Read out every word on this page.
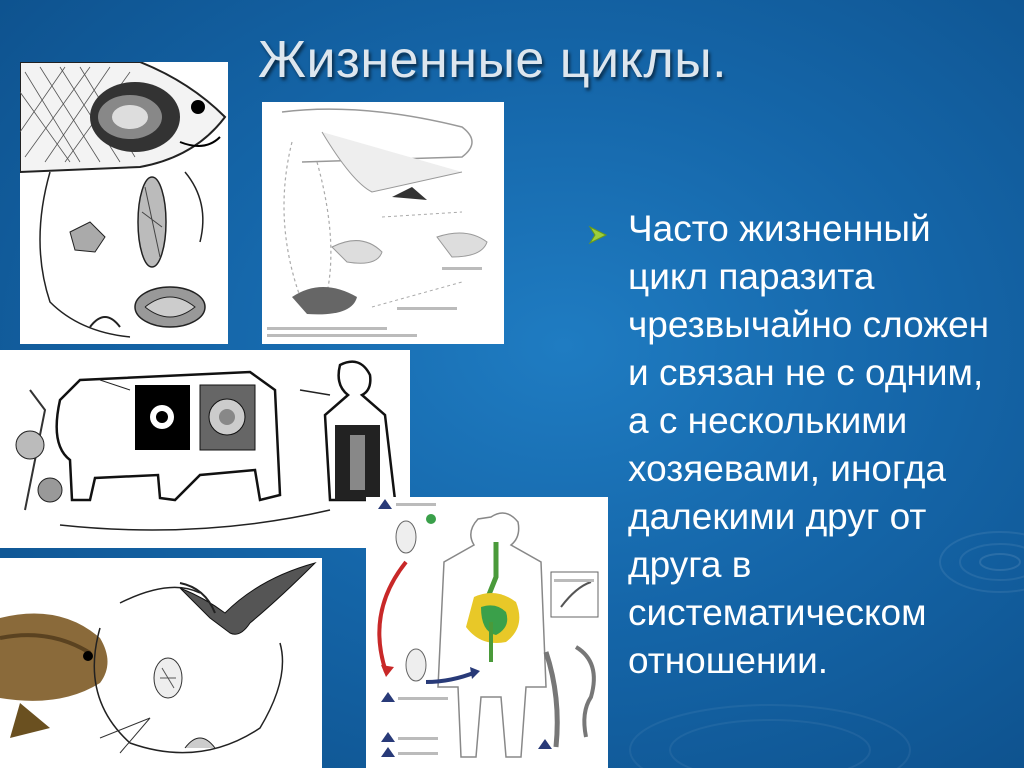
Жизненные циклы.
Часто жизненный цикл паразита чрезвычайно сложен и связан не с одним, а с несколькими хозяевами, иногда далекими друг от друга в систематическом отношении.
